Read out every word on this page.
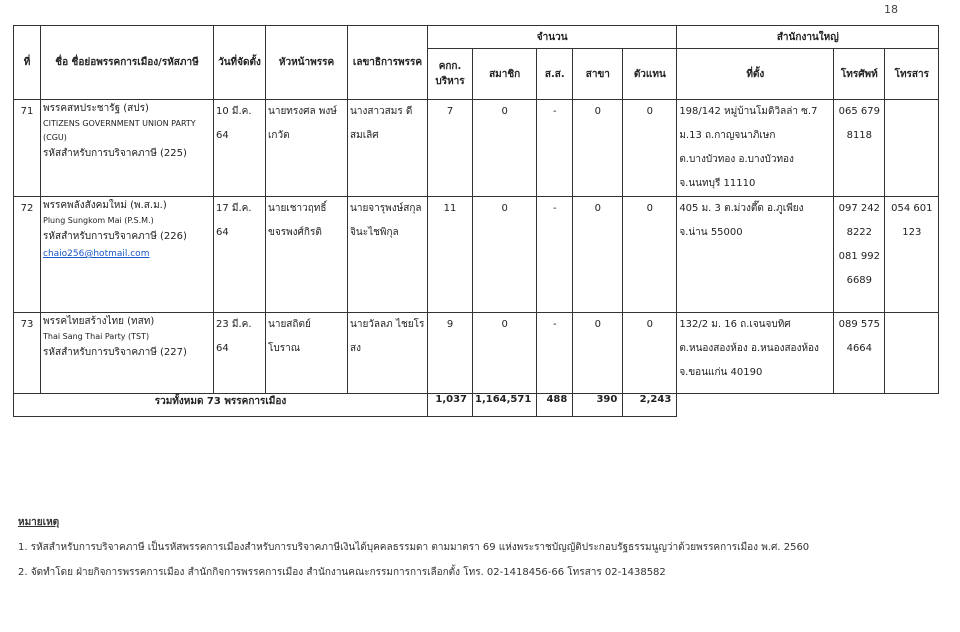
18
ที่	ชื่อ ชื่อย่อพรรคการเมือง/รหัสภาษี	วันที่จัดตั้ง	หัวหน้าพรรค	เลขาธิการพรรค	จำนวน					สำนักงานใหญ่		
					คกก. บริหาร	สมาชิก	ส.ส.	สาขา	ตัวแทน	ที่ตั้ง	โทรศัพท์	โทรสาร
71	พรรคสหประชารัฐ (สปร)
CITIZENS GOVERNMENT UNION PARTY (CGU)
รหัสสำหรับการบริจาคภาษี (225)	10 มี.ค. 64	นายทรงศล พงษ์เกวัต	นางสาวสมร ดีสมเลิศ	7	0	-	0	0	198/142 หมู่บ้านโมดิวิลล่า ซ.7 ม.13 ถ.กาญจนาภิเษก ต.บางบัวทอง อ.บางบัวทอง จ.นนทบุรี 11110	065 679 8118	
72	พรรคพลังสังคมใหม่ (พ.ส.ม.)
Plung Sungkom Mai (P.S.M.)
รหัสสำหรับการบริจาคภาษี (226)
chaio256@hotmail.com	17 มี.ค. 64	นายเชาวฤทธิ์ ขจรพงศ์กิรติ	นายจารุพงษ์สกุล จินะไชพิกุล	11	0	-	0	0	405 ม. 3 ต.ม่วงตึ๊ด อ.ภูเพียง จ.น่าน 55000	097 242 8222 081 992 6689	054 601 123
73	พรรคไทยสร้างไทย (ทสท)
Thai Sang Thai Party (TST)
รหัสสำหรับการบริจาคภาษี (227)	23 มี.ค. 64	นายสถิตย์ โบราณ	นายวัลลภ ไชยโรสง	9	0	-	0	0	132/2 ม. 16 ถ.เจนจบทิศ ต.หนองสองห้อง อ.หนองสองห้อง จ.ขอนแก่น 40190	089 575 4664	
รวมทั้งหมด 73 พรรคการเมือง					1,037	1,164,571	488	390	2,243			
หมายเหตุ

1. รหัสสำหรับการบริจาคภาษี เป็นรหัสพรรคการเมืองสำหรับการบริจาคภาษีเงินได้บุคคลธรรมดา ตามมาตรา 69 แห่งพระราชบัญญัติประกอบรัฐธรรมนูญว่าด้วยพรรคการเมือง พ.ศ. 2560

2. จัดทำโดย ฝ่ายกิจการพรรคการเมือง สำนักกิจการพรรคการเมือง สำนักงานคณะกรรมการการเลือกตั้ง โทร. 02-1418456-66 โทรสาร 02-1438582
